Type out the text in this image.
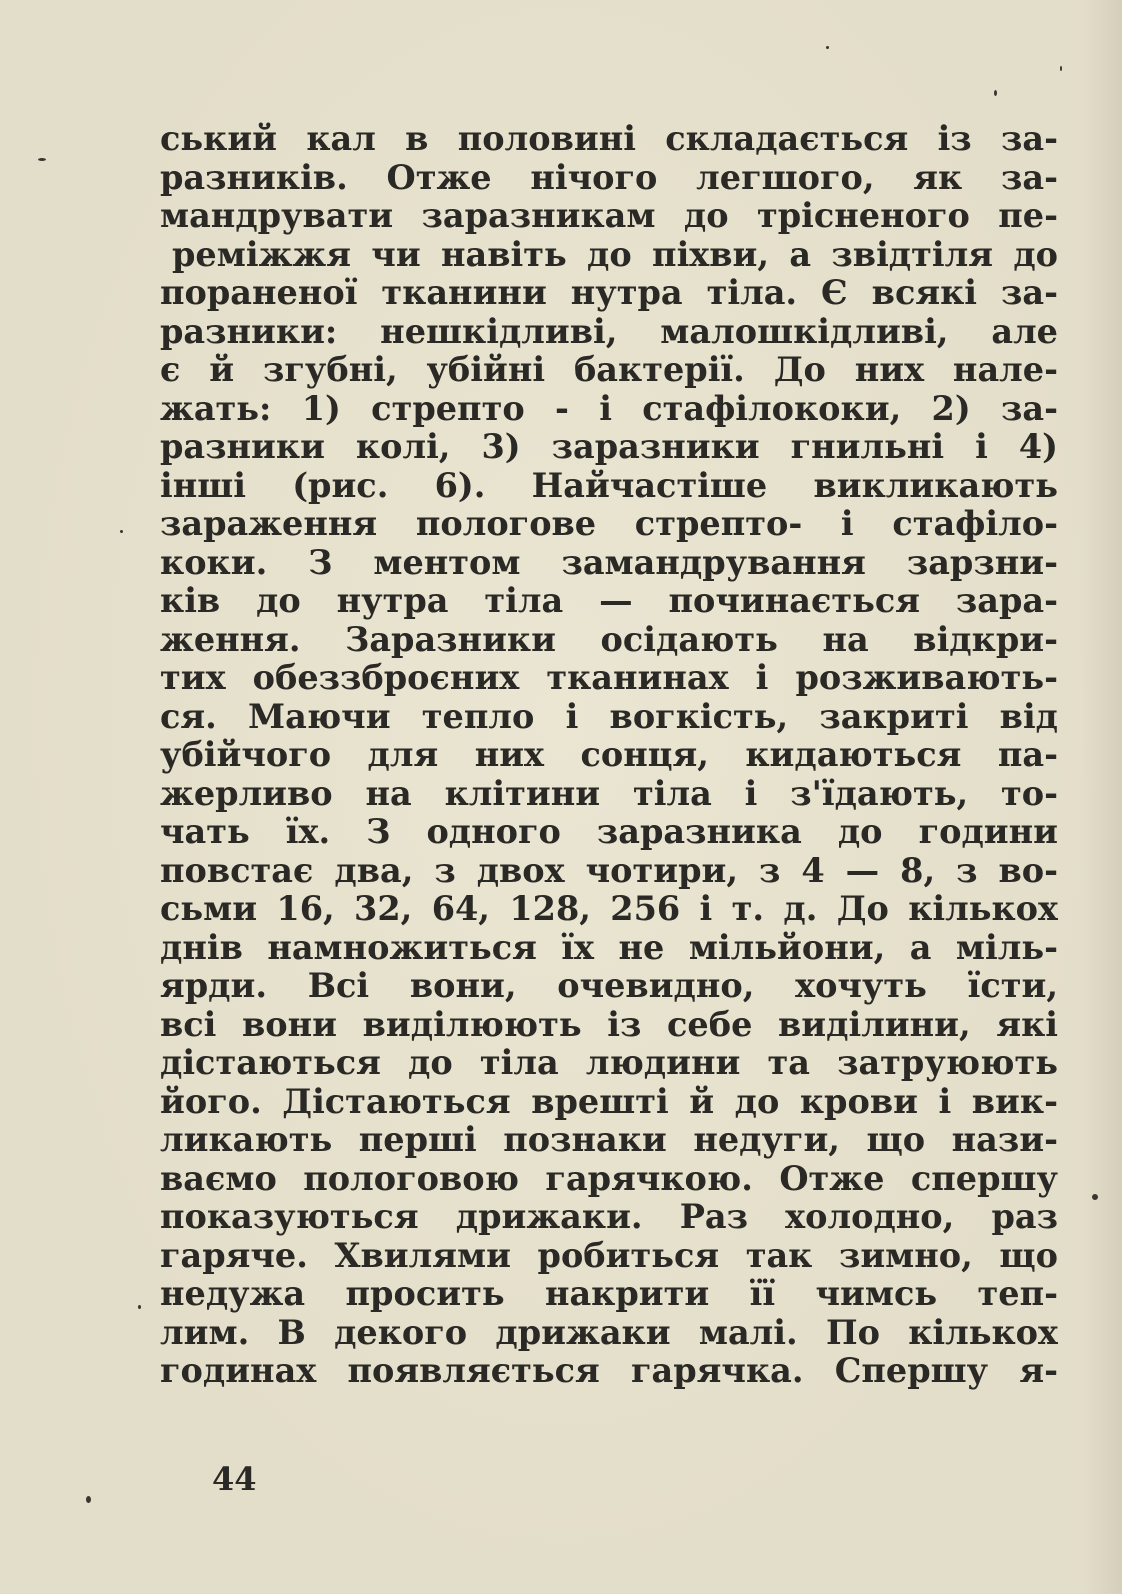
ський кал в половині складається із за-
разників. Отже нічого легшого, як за-
мандрувати заразникам до трісненого пе-
реміжжя чи навіть до піхви, а звідтіля до
пораненої тканини нутра тіла. Є всякі за-
разники: нешкідливі, малошкідливі, але
є й згубні, убійні бактерії. До них нале-
жать: 1) стрепто - і стафілококи, 2) за-
разники колі, 3) заразники гнильні і 4)
інші (рис. 6). Найчастіше викликають
зараження пологове стрепто- і стафіло-
коки. З ментом замандрування зарзни-
ків до нутра тіла — починається зара-
ження. Заразники осідають на відкри-
тих обеззброєних тканинах і розживають-
ся. Маючи тепло і вогкість, закриті від
убійчого для них сонця, кидаються па-
жерливо на клітини тіла і з'їдають, то-
чать їх. З одного заразника до години
повстає два, з двох чотири, з 4 — 8, з во-
сьми 16, 32, 64, 128, 256 і т. д. До кількох
днів намножиться їх не мільйони, а міль-
ярди. Всі вони, очевидно, хочуть їсти,
всі вони виділюють із себе виділини, які
дістаються до тіла людини та затруюють
його. Дістаються врешті й до крови і вик-
ликають перші познаки недуги, що нази-
ваємо пологовою гарячкою. Отже спершу
показуються дрижаки. Раз холодно, раз
гаряче. Хвилями робиться так зимно, що
недужа просить накрити її чимсь теп-
лим. В декого дрижаки малі. По кількох
годинах появляється гарячка. Спершу я-
44
